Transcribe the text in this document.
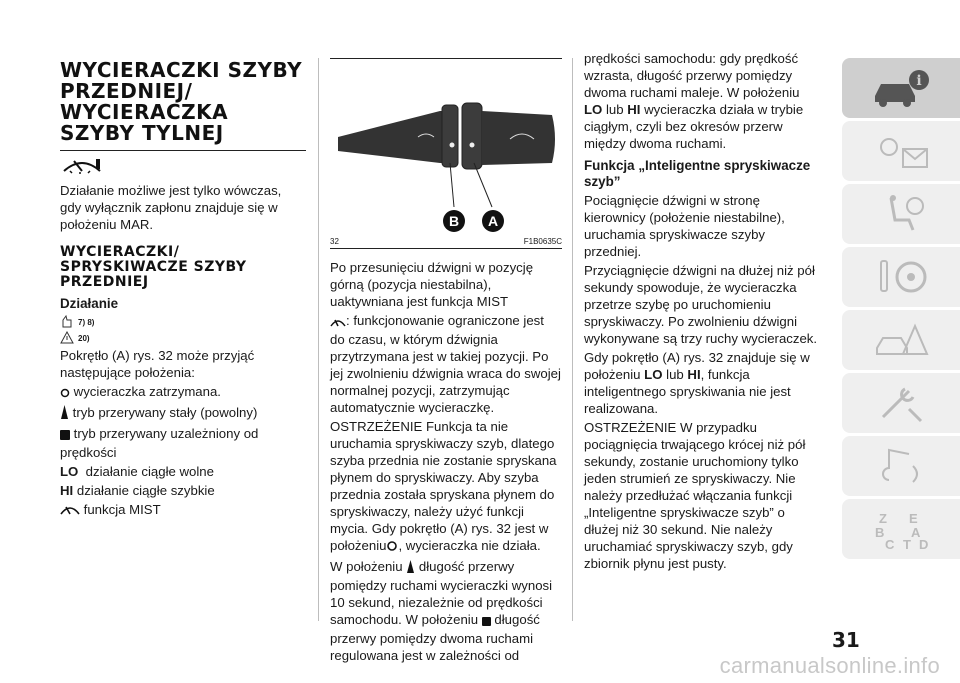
WYCIERACZKI SZYBY PRZEDNIEJ/ WYCIERACZKA SZYBY TYLNEJ
Działanie możliwe jest tylko wówczas, gdy wyłącznik zapłonu znajduje się w położeniu MAR.
WYCIERACZKI/ SPRYSKIWACZE SZYBY PRZEDNIEJ
Działanie
7) 8)
20)
Pokrętło (A) rys. 32 może przyjąć następujące położenia:
wycieraczka zatrzymana.
tryb przerywany stały (powolny)
tryb przerywany uzależniony od prędkości
LO działanie ciągłe wolne
HI działanie ciągłe szybkie
funkcja MIST
B A
32	F1B0635C
Po przesunięciu dźwigni w pozycję górną (pozycja niestabilna), uaktywniana jest funkcja MIST
: funkcjonowanie ograniczone jest do czasu, w którym dźwignia przytrzymana jest w takiej pozycji. Po jej zwolnieniu dźwignia wraca do swojej normalnej pozycji, zatrzymując automatycznie wycieraczkę.
OSTRZEŻENIE Funkcja ta nie uruchamia spryskiwaczy szyb, dlatego szyba przednia nie zostanie spryskana płynem do spryskiwaczy. Aby szyba przednia została spryskana płynem do spryskiwaczy, należy użyć funkcji mycia. Gdy pokrętło (A) rys. 32 jest w położeniu , wycieraczka nie działa.
W położeniu długość przerwy pomiędzy ruchami wycieraczki wynosi 10 sekund, niezależnie od prędkości samochodu. W położeniu długość przerwy pomiędzy dwoma ruchami regulowana jest w zależności od
prędkości samochodu: gdy prędkość wzrasta, długość przerwy pomiędzy dwoma ruchami maleje. W położeniu LO lub HI wycieraczka działa w trybie ciągłym, czyli bez okresów przerw między dwoma ruchami.
Funkcja „Inteligentne spryskiwacze szyb”
Pociągnięcie dźwigni w stronę kierownicy (położenie niestabilne), uruchamia spryskiwacze szyby przedniej.
Przyciągnięcie dźwigni na dłużej niż pół sekundy spowoduje, że wycieraczka przetrze szybę po uruchomieniu spryskiwaczy. Po zwolnieniu dźwigni wykonywane są trzy ruchy wycieraczek.
Gdy pokrętło (A) rys. 32 znajduje się w położeniu LO lub HI, funkcja inteligentnego spryskiwania nie jest realizowana.
OSTRZEŻENIE W przypadku pociągnięcia trwającego krócej niż pół sekundy, zostanie uruchomiony tylko jeden strumień ze spryskiwaczy. Nie należy przedłużać włączania funkcji „Inteligentne spryskiwacze szyb” o dłużej niż 30 sekund. Nie należy uruchamiać spryskiwaczy szyb, gdy zbiornik płynu jest pusty.
i
Z E
B A
C T D
31
carmanualsonline.info
